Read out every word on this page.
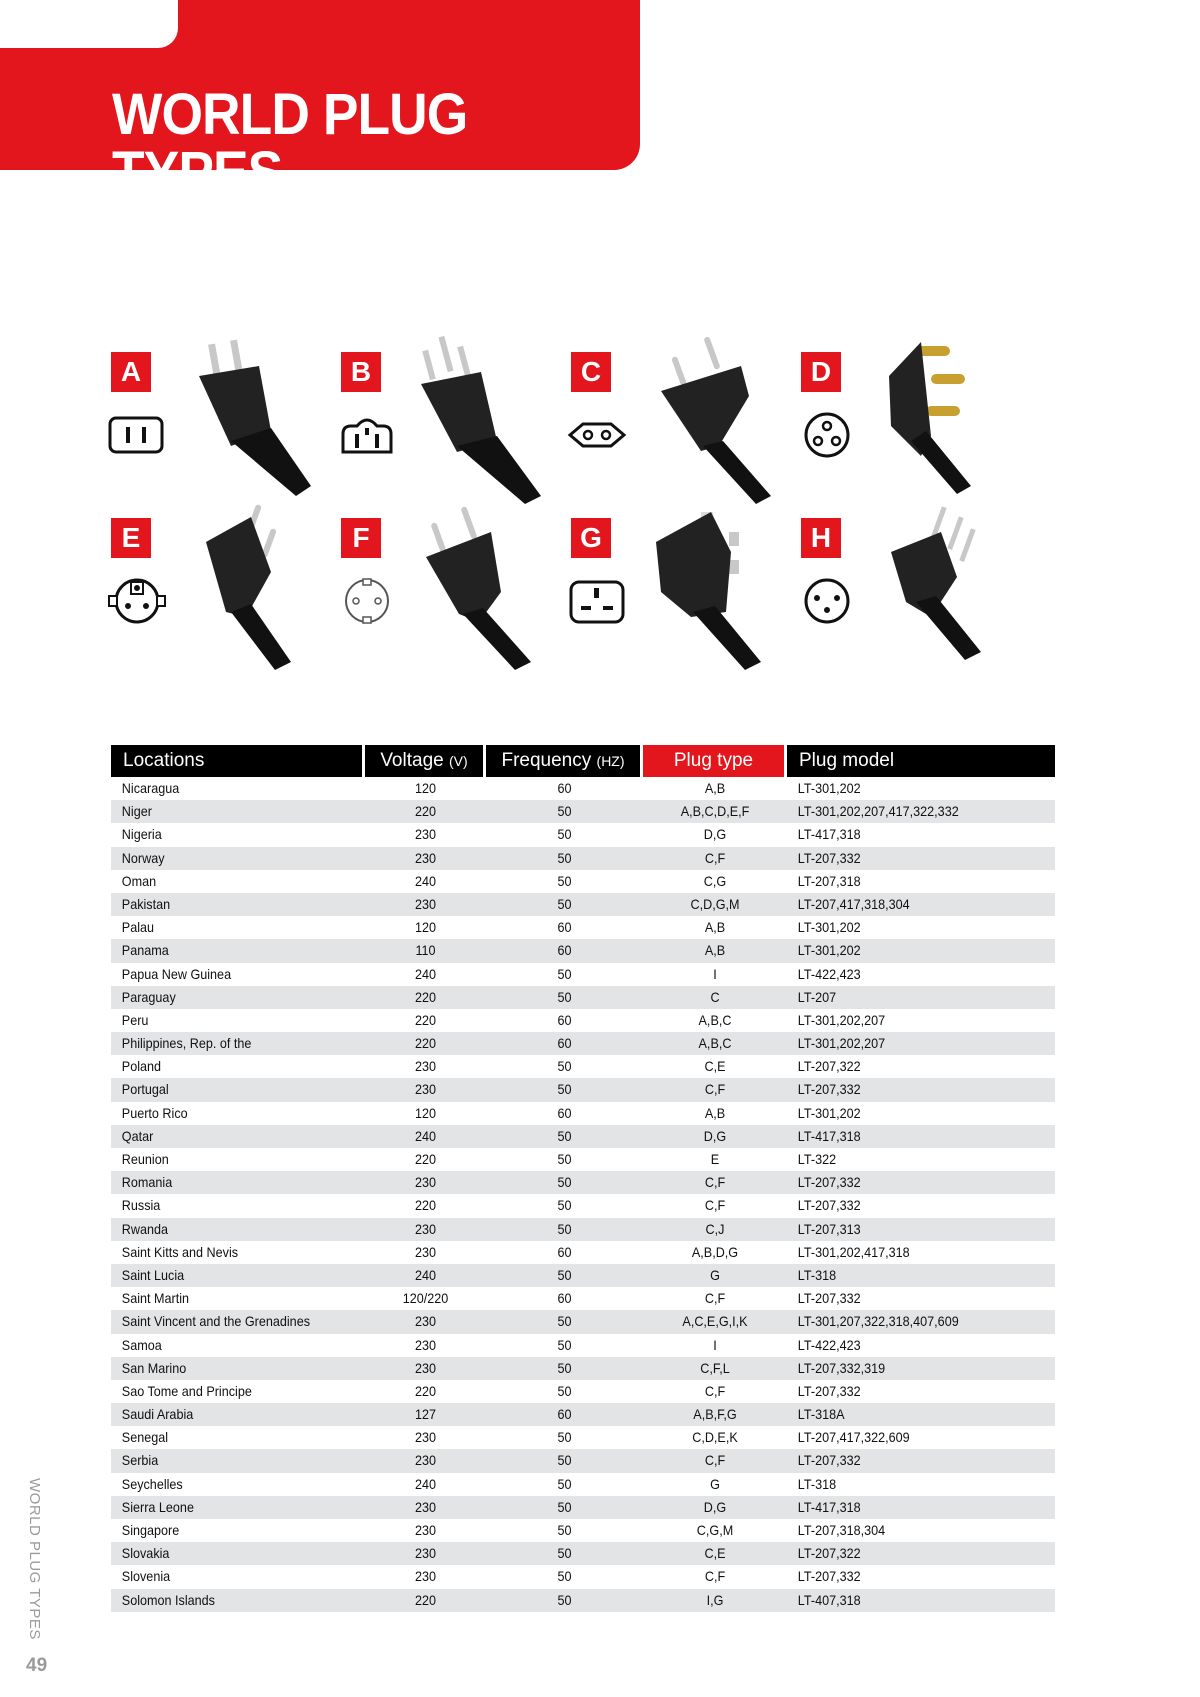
WORLD PLUG TYPES
A	B	C	D
E	F	G	H
Locations	Voltage (V)	Frequency (HZ)	Plug type	Plug model
Nicaragua	120	60	A,B	LT-301,202
Niger	220	50	A,B,C,D,E,F	LT-301,202,207,417,322,332
Nigeria	230	50	D,G	LT-417,318
Norway	230	50	C,F	LT-207,332
Oman	240	50	C,G	LT-207,318
Pakistan	230	50	C,D,G,M	LT-207,417,318,304
Palau	120	60	A,B	LT-301,202
Panama	110	60	A,B	LT-301,202
Papua New Guinea	240	50	I	LT-422,423
Paraguay	220	50	C	LT-207
Peru	220	60	A,B,C	LT-301,202,207
Philippines, Rep. of the	220	60	A,B,C	LT-301,202,207
Poland	230	50	C,E	LT-207,322
Portugal	230	50	C,F	LT-207,332
Puerto Rico	120	60	A,B	LT-301,202
Qatar	240	50	D,G	LT-417,318
Reunion	220	50	E	LT-322
Romania	230	50	C,F	LT-207,332
Russia	220	50	C,F	LT-207,332
Rwanda	230	50	C,J	LT-207,313
Saint Kitts and Nevis	230	60	A,B,D,G	LT-301,202,417,318
Saint Lucia	240	50	G	LT-318
Saint Martin	120/220	60	C,F	LT-207,332
Saint Vincent and the Grenadines	230	50	A,C,E,G,I,K	LT-301,207,322,318,407,609
Samoa	230	50	I	LT-422,423
San Marino	230	50	C,F,L	LT-207,332,319
Sao Tome and Principe	220	50	C,F	LT-207,332
Saudi Arabia	127	60	A,B,F,G	LT-318A
Senegal	230	50	C,D,E,K	LT-207,417,322,609
Serbia	230	50	C,F	LT-207,332
Seychelles	240	50	G	LT-318
Sierra Leone	230	50	D,G	LT-417,318
Singapore	230	50	C,G,M	LT-207,318,304
Slovakia	230	50	C,E	LT-207,322
Slovenia	230	50	C,F	LT-207,332
Solomon Islands	220	50	I,G	LT-407,318
WORLD PLUG TYPES
49
